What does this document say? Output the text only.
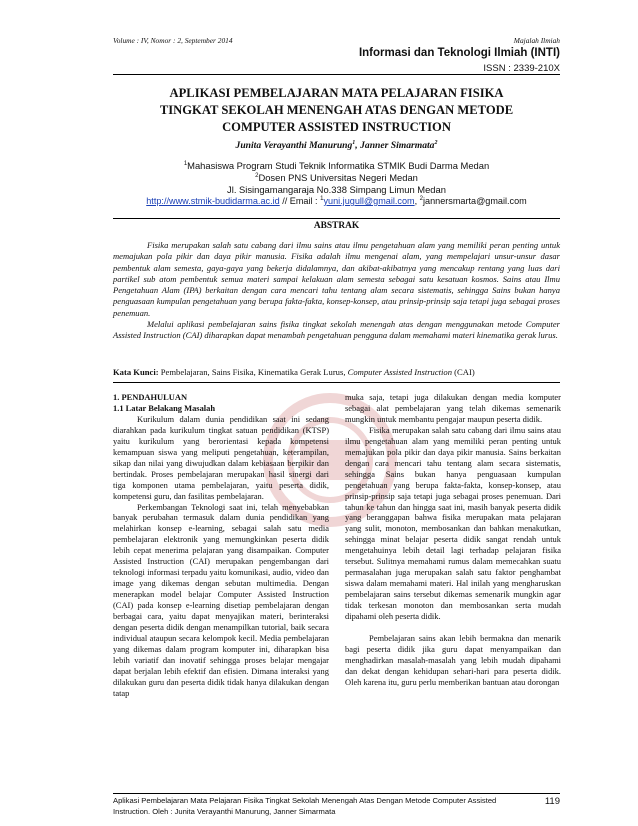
Volume : IV, Nomor : 2, September 2014	Majalah Ilmiah
Informasi dan Teknologi Ilmiah (INTI)
ISSN : 2339-210X
APLIKASI PEMBELAJARAN MATA PELAJARAN FISIKA
TINGKAT SEKOLAH MENENGAH ATAS DENGAN METODE
COMPUTER ASSISTED INSTRUCTION
Junita Verayanthi Manurung$^1$, Janner Simarmata$^2$
$^1$Mahasiswa Program Studi Teknik Informatika STMIK Budi Darma Medan
$^2$Dosen PNS Universitas Negeri Medan
Jl. Sisingamangaraja No.338 Simpang Limun Medan
http://www.stmik-budidarma.ac.id // Email : $^1$yuni.jugull@gmail.com, $^2$jannersmarta@gmail.com
ABSTRAK

Fisika merupakan salah satu cabang dari ilmu sains atau ilmu pengetahuan alam yang memiliki peran penting untuk memajukan pola pikir dan daya pikir manusia. Fisika adalah ilmu mengenai alam, yang mempelajari unsur-unsur dasar pembentuk alam semesta, gaya-gaya yang bekerja didalamnya, dan akibat-akibatnya yang mencakup rentang yang luas dari partikel sub atom pembentuk semua materi sampai kelakuan alam semesta sebagai satu kesatuan kosmos. Sains atau Ilmu Pengetahuan Alam (IPA) berkaitan dengan cara mencari tahu tentang alam secara sistematis, sehingga Sains bukan hanya penguasaan kumpulan pengetahuan yang berupa fakta-fakta, konsep-konsep, atau prinsip-prinsip saja tetapi juga sebagai proses penemuan.

Melalui aplikasi pembelajaran sains fisika tingkat sekolah menengah atas dengan menggunakan metode Computer Assisted Instruction (CAI) diharapkan dapat menambah pengetahuan pengguna dalam memahami materi kinematika gerak lurus.

Kata Kunci: Pembelajaran, Sains Fisika, Kinematika Gerak Lurus, Computer Assisted Instruction (CAI)

1. PENDAHULUAN

1.1 Latar Belakang Masalah

Kurikulum dalam dunia pendidikan saat ini sedang diarahkan pada kurikulum tingkat satuan pendidikan (KTSP) yaitu kurikulum yang berorientasi kepada kompetensi kemampuan siswa yang meliputi pengetahuan, keterampilan, sikap dan nilai yang diwujudkan dalam kebiasaan berpikir dan bertindak. Proses pembelajaran merupakan hasil sinergi dari tiga komponen utama pembelajaran, yaitu peserta didik, kompetensi guru, dan fasilitas pembelajaran.

Perkembangan Teknologi saat ini, telah menyebabkan banyak perubahan termasuk dalam dunia pendidikan yang melahirkan konsep e-learning, sebagai salah satu media pembelajaran elektronik yang memungkinkan peserta didik lebih cepat menerima pelajaran yang disampaikan. Computer Assisted Instruction (CAI) merupakan pengembangan dari teknologi informasi terpadu yaitu komunikasi, audio, video dan image yang dikemas dengan sebutan multimedia. Dengan menerapkan model belajar Computer Assisted Instruction (CAI) pada konsep e-learning disetiap pembelajaran dengan berbagai cara, yaitu dapat menyajikan materi, berinteraksi dengan peserta didik dengan menampilkan tutorial, baik secara individual ataupun secara kelompok kecil. Media pembelajaran yang dikemas dalam program komputer ini, diharapkan bisa lebih variatif dan inovatif sehingga proses belajar mengajar dapat berjalan lebih efektif dan efisien. Dimana interaksi yang dilakukan guru dan peserta didik tidak hanya dilakukan dengan tatap

muka saja, tetapi juga dilakukan dengan media komputer sebagai alat pembelajaran yang telah dikemas semenarik mungkin untuk membantu pengajar maupun peserta didik.

Fisika merupakan salah satu cabang dari ilmu sains atau ilmu pengetahuan alam yang memiliki peran penting untuk memajukan pola pikir dan daya pikir manusia. Sains berkaitan dengan cara mencari tahu tentang alam secara sistematis, sehingga Sains bukan hanya penguasaan kumpulan pengetahuan yang berupa fakta-fakta, konsep-konsep, atau prinsip-prinsip saja tetapi juga sebagai proses penemuan. Dari tahun ke tahun dan hingga saat ini, masih banyak peserta didik yang beranggapan bahwa fisika merupakan mata pelajaran yang sulit, monoton, membosankan dan bahkan menakutkan, sehingga minat belajar peserta didik sangat rendah untuk mengetahuinya lebih detail lagi terhadap pelajaran fisika tersebut. Sulitnya memahami rumus dalam memecahkan suatu permasalahan juga merupakan salah satu faktor penghambat siswa dalam memahami materi. Hal inilah yang mengharuskan pembelajaran sains tersebut dikemas semenarik mungkin agar tidak terkesan monoton dan membosankan serta mudah dipahami oleh peserta didik.

Pembelajaran sains akan lebih bermakna dan menarik bagi peserta didik jika guru dapat menyampaikan dan menghadirkan masalah-masalah yang lebih mudah dipahami dan dekat dengan kehidupan sehari-hari para peserta didik. Oleh karena itu, guru perlu memberikan bantuan atau dorongan

Aplikasi Pembelajaran Mata Pelajaran Fisika Tingkat Sekolah Menengah Atas Dengan Metode Computer Assisted Instruction. Oleh : Junita Verayanthi Manurung, Janner Simarmata
119
